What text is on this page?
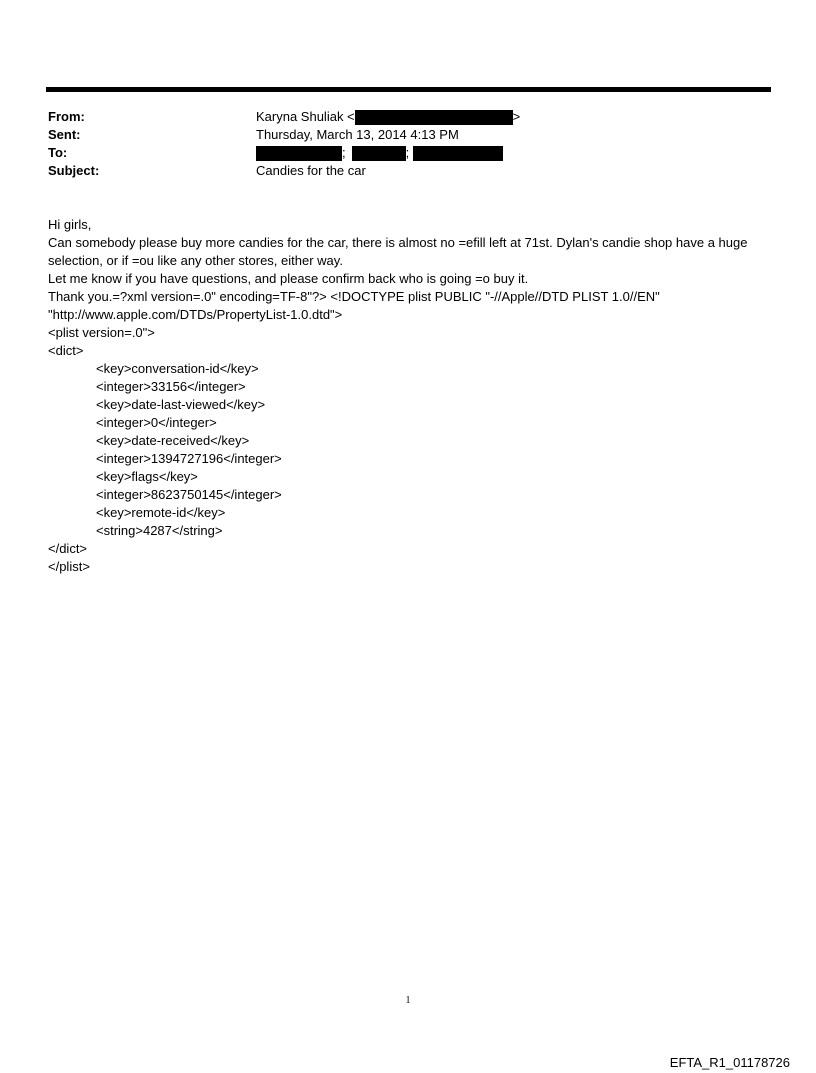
From:	Karyna Shuliak <	>
Sent:	Thursday, March 13, 2014 4:13 PM
To:	;	;
Subject:	Candies for the car
Hi girls,
Can somebody please buy more candies for the car, there is almost no =efill left at 71st. Dylan's candie shop have a huge
selection, or if =ou like any other stores, either way.
Let me know if you have questions, and please confirm back who is going =o buy it.
Thank you.=?xml version=.0" encoding=TF-8"?> <!DOCTYPE plist PUBLIC "-//Apple//DTD PLIST 1.0//EN"
"http://www.apple.com/DTDs/PropertyList-1.0.dtd">
<plist version=.0">
<dict>
<key>conversation-id</key>
<integer>33156</integer>
<key>date-last-viewed</key>
<integer>0</integer>
<key>date-received</key>
<integer>1394727196</integer>
<key>flags</key>
<integer>8623750145</integer>
<key>remote-id</key>
<string>4287</string>
</dict>
</plist>
1
EFTA_R1_01178726
